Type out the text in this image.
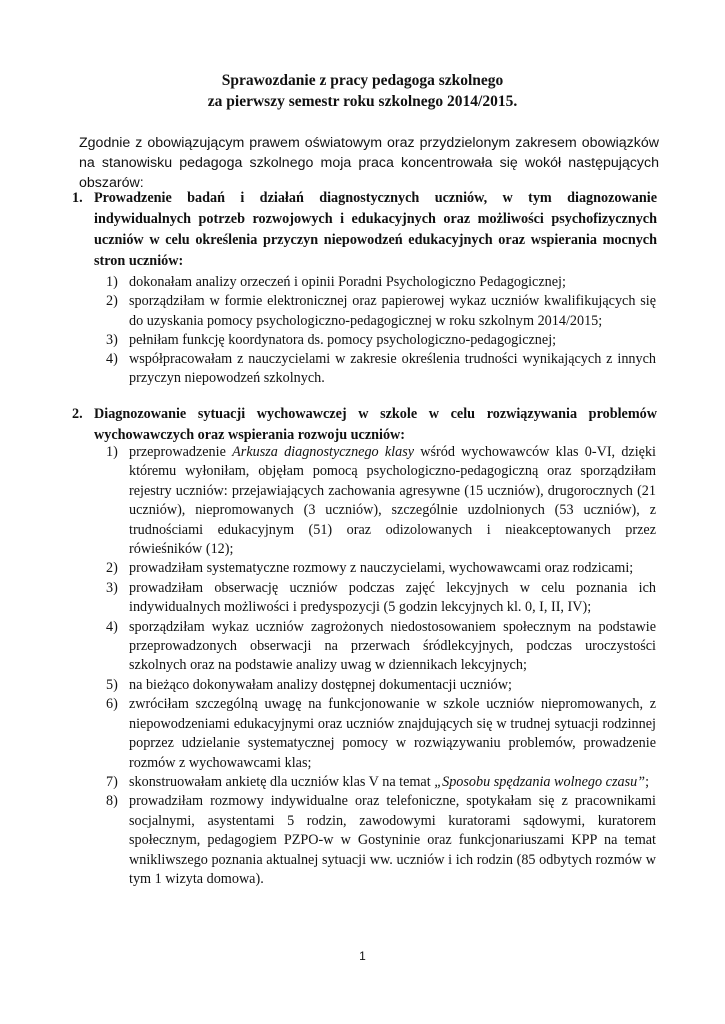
Sprawozdanie z pracy pedagoga szkolnego
za pierwszy semestr roku szkolnego 2014/2015.
Zgodnie z obowiązującym prawem oświatowym oraz przydzielonym zakresem obowiązków na stanowisku pedagoga szkolnego moja praca koncentrowała się wokół następujących obszarów:
1. Prowadzenie badań i działań diagnostycznych uczniów, w tym diagnozowanie indywidualnych potrzeb rozwojowych i edukacyjnych oraz możliwości psychofizycznych uczniów w celu określenia przyczyn niepowodzeń edukacyjnych oraz wspierania mocnych stron uczniów:
1) dokonałam analizy orzeczeń i opinii Poradni Psychologiczno Pedagogicznej;
2) sporządziłam w formie elektronicznej oraz papierowej wykaz uczniów kwalifikujących się do uzyskania pomocy psychologiczno-pedagogicznej w roku szkolnym 2014/2015;
3) pełniłam funkcję koordynatora ds. pomocy psychologiczno-pedagogicznej;
4) współpracowałam z nauczycielami w zakresie określenia trudności wynikających z innych przyczyn niepowodzeń szkolnych.
2. Diagnozowanie sytuacji wychowawczej w szkole w celu rozwiązywania problemów wychowawczych oraz wspierania rozwoju uczniów:
1) przeprowadzenie Arkusza diagnostycznego klasy wśród wychowawców klas 0-VI, dzięki któremu wyłoniłam, objęłam pomocą psychologiczno-pedagogiczną oraz sporządziłam rejestry uczniów: przejawiających zachowania agresywne (15 uczniów), drugorocznych (21 uczniów), niepromowanych (3 uczniów), szczególnie uzdolnionych (53 uczniów), z trudnościami edukacyjnym (51) oraz odizolowanych i nieakceptowanych przez rówieśników (12);
2) prowadziłam systematyczne rozmowy z nauczycielami, wychowawcami oraz rodzicami;
3) prowadziłam obserwację uczniów podczas zajęć lekcyjnych w celu poznania ich indywidualnych możliwości i predyspozycji (5 godzin lekcyjnych kl. 0, I, II, IV);
4) sporządziłam wykaz uczniów zagrożonych niedostosowaniem społecznym na podstawie przeprowadzonych obserwacji na przerwach śródlekcyjnych, podczas uroczystości szkolnych oraz na podstawie analizy uwag w dziennikach lekcyjnych;
5) na bieżąco dokonywałam analizy dostępnej dokumentacji uczniów;
6) zwróciłam szczególną uwagę na funkcjonowanie w szkole uczniów niepromowanych, z niepowodzeniami edukacyjnymi oraz uczniów znajdujących się w trudnej sytuacji rodzinnej poprzez udzielanie systematycznej pomocy w rozwiązywaniu problemów, prowadzenie rozmów z wychowawcami klas;
7) skonstruowałam ankietę dla uczniów klas V na temat „Sposobu spędzania wolnego czasu”;
8) prowadziłam rozmowy indywidualne oraz telefoniczne, spotykałam się z pracownikami socjalnymi, asystentami 5 rodzin, zawodowymi kuratorami sądowymi, kuratorem społecznym, pedagogiem PZPO-w w Gostyninie oraz funkcjonariuszami KPP na temat wnikliwszego poznania aktualnej sytuacji ww. uczniów i ich rodzin (85 odbytych rozmów w tym 1 wizyta domowa).
1
